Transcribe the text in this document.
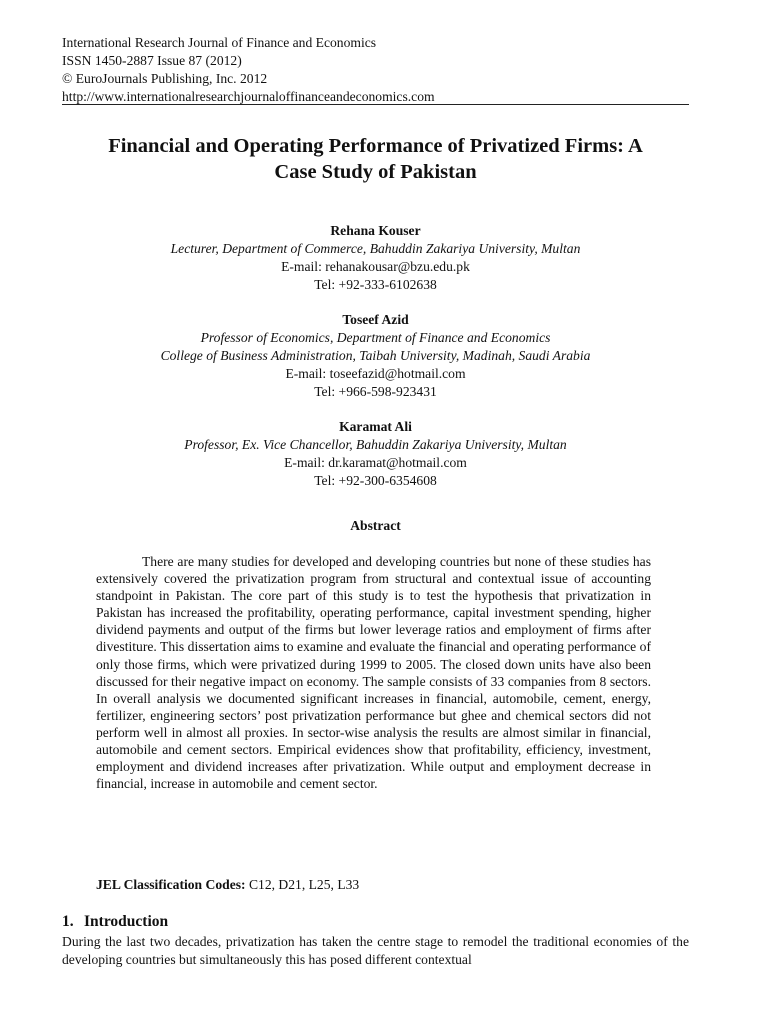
International Research Journal of Finance and Economics
ISSN 1450-2887 Issue 87 (2012)
© EuroJournals Publishing, Inc. 2012
http://www.internationalresearchjournaloffinanceandeconomics.com
Financial and Operating Performance of Privatized Firms: A
Case Study of Pakistan
Rehana Kouser
Lecturer, Department of Commerce, Bahuddin Zakariya University, Multan
E-mail: rehanakousar@bzu.edu.pk
Tel: +92-333-6102638
Toseef Azid
Professor of Economics, Department of Finance and Economics
College of Business Administration, Taibah University, Madinah, Saudi Arabia
E-mail: toseefazid@hotmail.com
Tel: +966-598-923431
Karamat Ali
Professor, Ex. Vice Chancellor, Bahuddin Zakariya University, Multan
E-mail: dr.karamat@hotmail.com
Tel: +92-300-6354608
Abstract

There are many studies for developed and developing countries but none of these studies has extensively covered the privatization program from structural and contextual issue of accounting standpoint in Pakistan. The core part of this study is to test the hypothesis that privatization in Pakistan has increased the profitability, operating performance, capital investment spending, higher dividend payments and output of the firms but lower leverage ratios and employment of firms after divestiture. This dissertation aims to examine and evaluate the financial and operating performance of only those firms, which were privatized during 1999 to 2005. The closed down units have also been discussed for their negative impact on economy. The sample consists of 33 companies from 8 sectors. In overall analysis we documented significant increases in financial, automobile, cement, energy, fertilizer, engineering sectors’ post privatization performance but ghee and chemical sectors did not perform well in almost all proxies. In sector-wise analysis the results are almost similar in financial, automobile and cement sectors. Empirical evidences show that profitability, efficiency, investment, employment and dividend increases after privatization. While output and employment decrease in financial, increase in automobile and cement sector.

JEL Classification Codes: C12, D21, L25, L33
1. Introduction

During the last two decades, privatization has taken the centre stage to remodel the traditional economies of the developing countries but simultaneously this has posed different contextual
